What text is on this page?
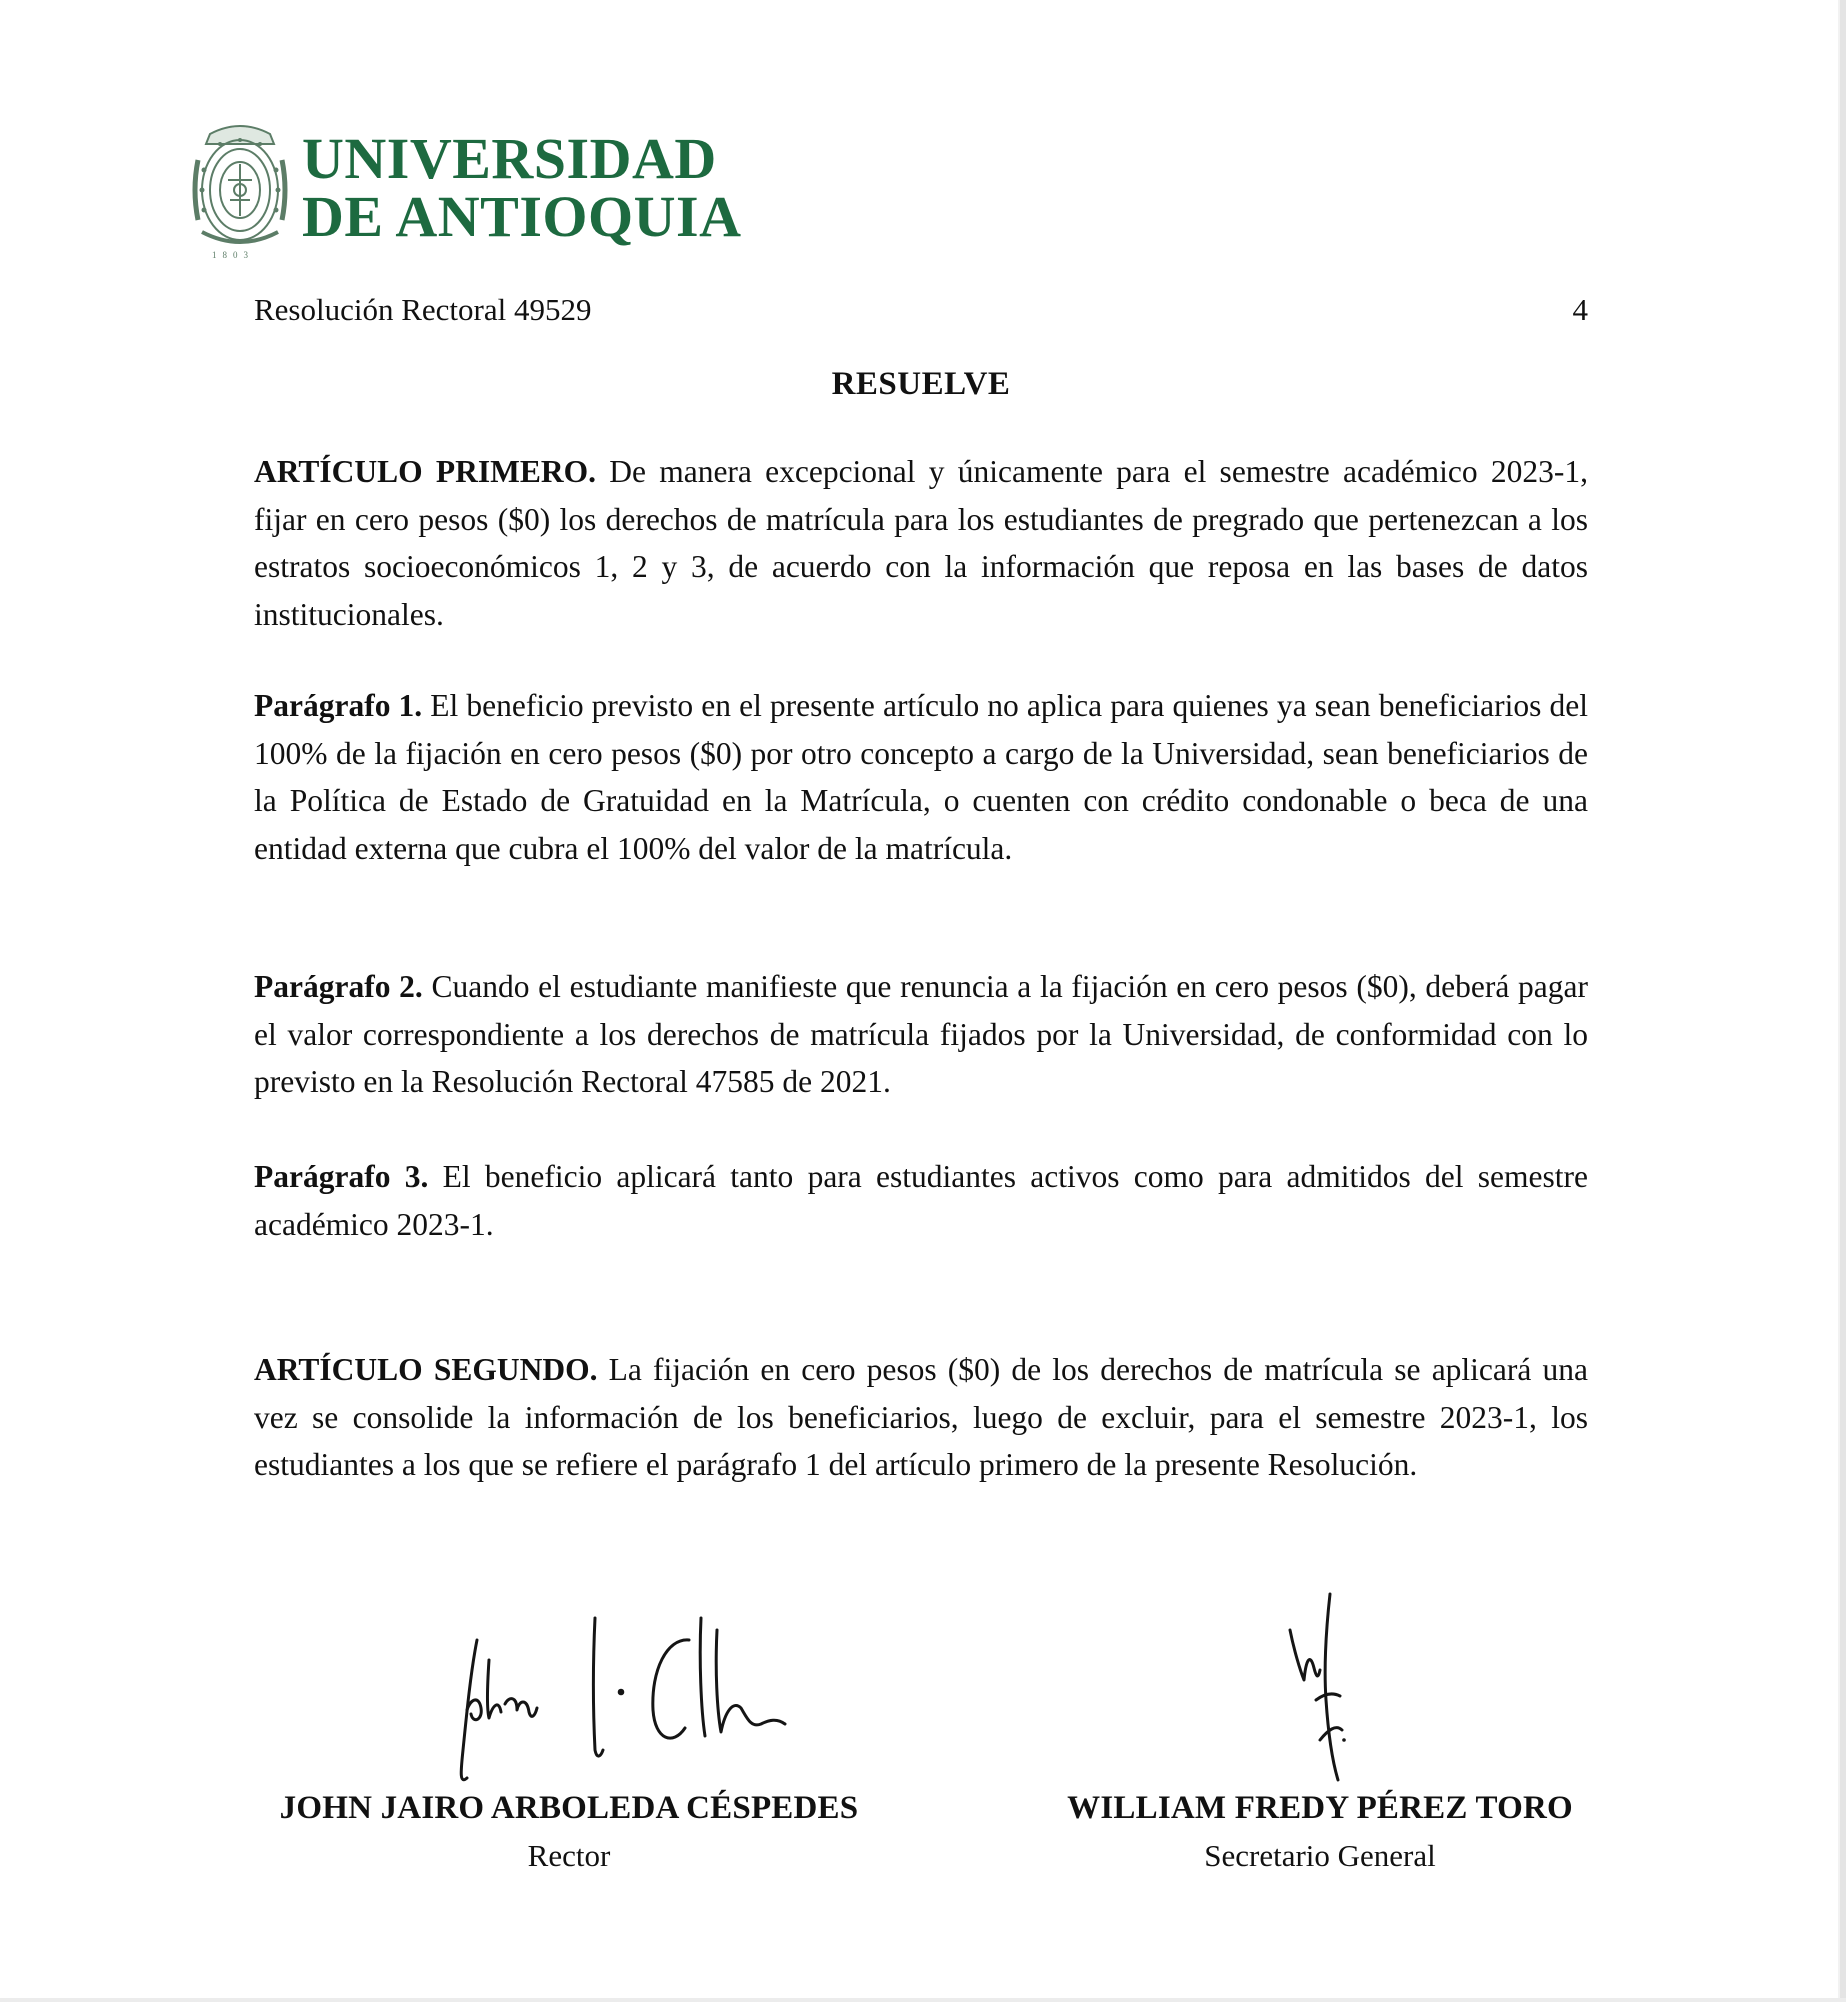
1803
UNIVERSIDAD
DE ANTIOQUIA
Resolución Rectoral 49529	4
RESUELVE

ARTÍCULO PRIMERO. De manera excepcional y únicamente para el semestre académico 2023-1, fijar en cero pesos ($0) los derechos de matrícula para los estudiantes de pregrado que pertenezcan a los estratos socioeconómicos 1, 2 y 3, de acuerdo con la información que reposa en las bases de datos institucionales.

Parágrafo 1. El beneficio previsto en el presente artículo no aplica para quienes ya sean beneficiarios del 100% de la fijación en cero pesos ($0) por otro concepto a cargo de la Universidad, sean beneficiarios de la Política de Estado de Gratuidad en la Matrícula, o cuenten con crédito condonable o beca de una entidad externa que cubra el 100% del valor de la matrícula.

Parágrafo 2. Cuando el estudiante manifieste que renuncia a la fijación en cero pesos ($0), deberá pagar el valor correspondiente a los derechos de matrícula fijados por la Universidad, de conformidad con lo previsto en la Resolución Rectoral 47585 de 2021.

Parágrafo 3. El beneficio aplicará tanto para estudiantes activos como para admitidos del semestre académico 2023-1.

ARTÍCULO SEGUNDO. La fijación en cero pesos ($0) de los derechos de matrícula se aplicará una vez se consolide la información de los beneficiarios, luego de excluir, para el semestre 2023-1, los estudiantes a los que se refiere el parágrafo 1 del artículo primero de la presente Resolución.

JOHN JAIRO ARBOLEDA CÉSPEDES
Rector
WILLIAM FREDY PÉREZ TORO
Secretario General
